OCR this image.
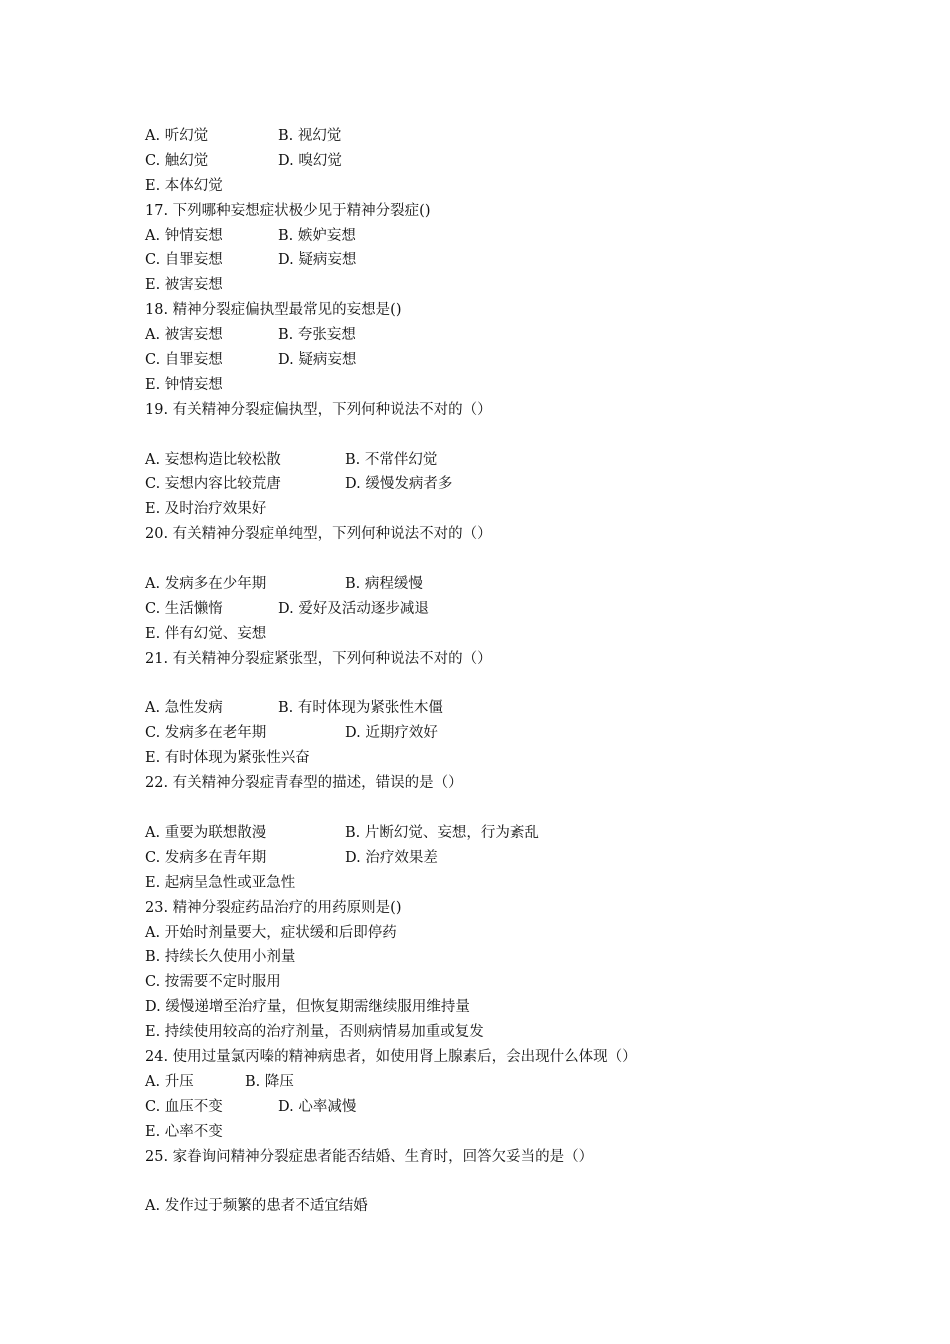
A. 听幻觉	B. 视幻觉
C. 触幻觉	D. 嗅幻觉
E. 本体幻觉
17. 下列哪种妄想症状极少见于精神分裂症()
A. 钟情妄想	B. 嫉妒妄想
C. 自罪妄想	D. 疑病妄想
E. 被害妄想
18. 精神分裂症偏执型最常见的妄想是()
A. 被害妄想	B. 夸张妄想
C. 自罪妄想	D. 疑病妄想
E. 钟情妄想
19. 有关精神分裂症偏执型，下列何种说法不对的（）
A. 妄想构造比较松散	B. 不常伴幻觉
C. 妄想内容比较荒唐	D. 缓慢发病者多
E. 及时治疗效果好
20. 有关精神分裂症单纯型，下列何种说法不对的（）
A. 发病多在少年期	B. 病程缓慢
C. 生活懒惰	D. 爱好及活动逐步减退
E. 伴有幻觉、妄想
21. 有关精神分裂症紧张型，下列何种说法不对的（）
A. 急性发病	B. 有时体现为紧张性木僵
C. 发病多在老年期	D. 近期疗效好
E. 有时体现为紧张性兴奋
22. 有关精神分裂症青春型的描述，错误的是（）
A. 重要为联想散漫	B. 片断幻觉、妄想，行为紊乱
C. 发病多在青年期	D. 治疗效果差
E. 起病呈急性或亚急性
23. 精神分裂症药品治疗的用药原则是()
A. 开始时剂量要大，症状缓和后即停药
B. 持续长久使用小剂量
C. 按需要不定时服用
D. 缓慢递增至治疗量，但恢复期需继续服用维持量
E. 持续使用较高的治疗剂量，否则病情易加重或复发
24. 使用过量氯丙嗪的精神病患者，如使用肾上腺素后，会出现什么体现（）
A. 升压	B. 降压
C. 血压不变	D. 心率减慢
E. 心率不变
25. 家眷询问精神分裂症患者能否结婚、生育时，回答欠妥当的是（）
A. 发作过于频繁的患者不适宜结婚
